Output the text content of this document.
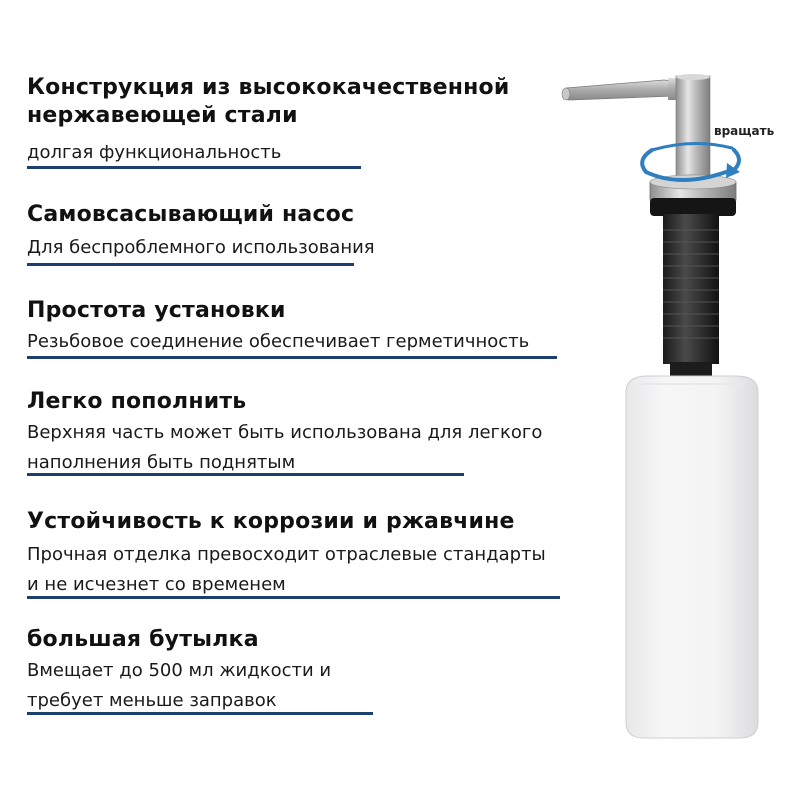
Конструкция из высококачественной

нержавеющей стали

долгая функциональность

Самовсасывающий насос

Для беспроблемного использования

Простота установки

Резьбовое соединение обеспечивает герметичность

Легко пополнить

Верхняя часть может быть использована для легкого

наполнения быть поднятым

Устойчивость к коррозии и ржавчине

Прочная отделка превосходит отраслевые стандарты

и не исчезнет со временем

большая бутылка

Вмещает до 500 мл жидкости и

требует меньше заправок

вращать
